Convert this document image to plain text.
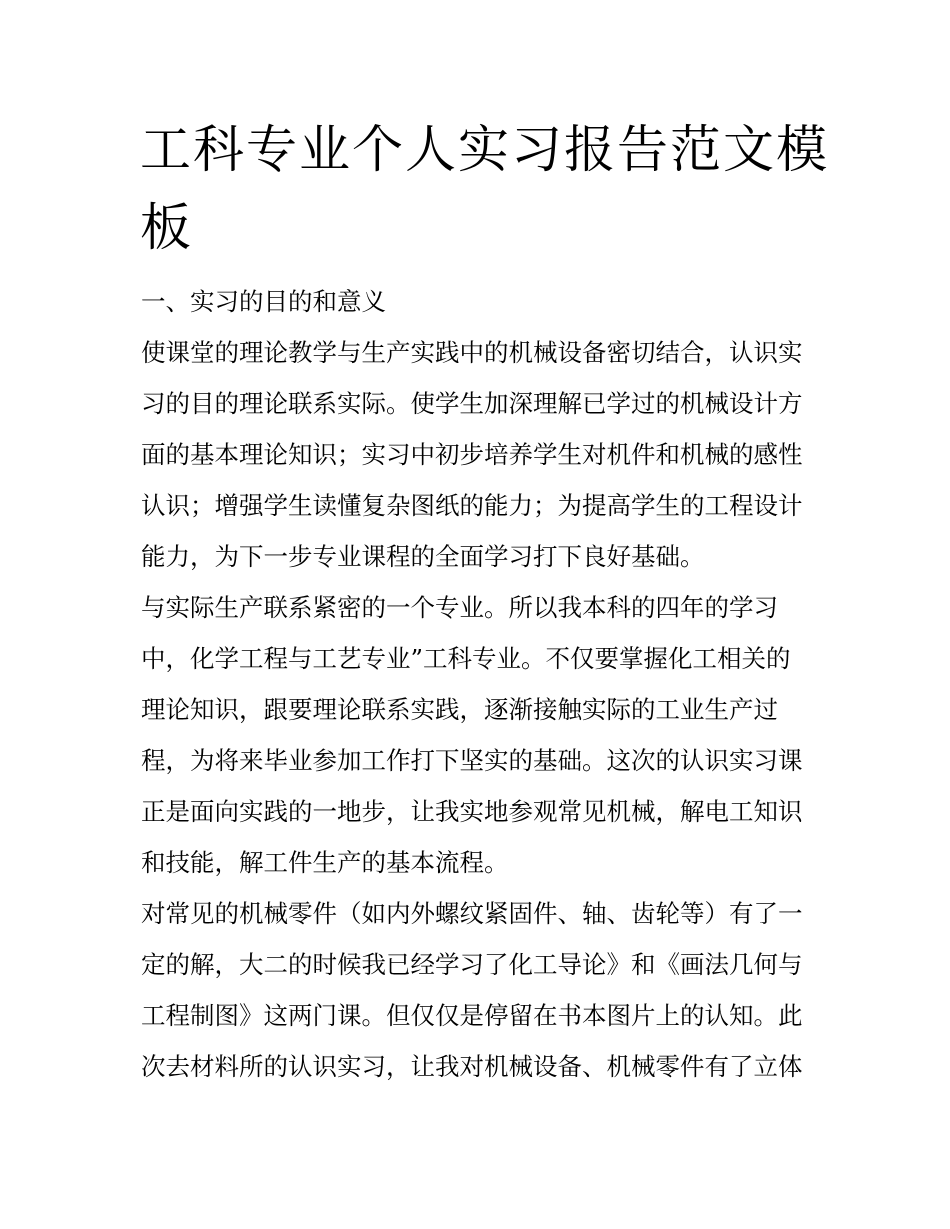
工科专业个人实习报告范文模板

一、实习的目的和意义

使课堂的理论教学与生产实践中的机械设备密切结合，认识实

习的目的理论联系实际。使学生加深理解已学过的机械设计方

面的基本理论知识；实习中初步培养学生对机件和机械的感性

认识；增强学生读懂复杂图纸的能力；为提高学生的工程设计

能力，为下一步专业课程的全面学习打下良好基础。

与实际生产联系紧密的一个专业。所以我本科的四年的学习

中，化学工程与工艺专业”工科专业。不仅要掌握化工相关的

理论知识，跟要理论联系实践，逐渐接触实际的工业生产过

程，为将来毕业参加工作打下坚实的基础。这次的认识实习课

正是面向实践的一地步，让我实地参观常见机械，解电工知识

和技能，解工件生产的基本流程。

对常见的机械零件（如内外螺纹紧固件、轴、齿轮等）有了一

定的解，大二的时候我已经学习了化工导论》和《画法几何与

工程制图》这两门课。但仅仅是停留在书本图片上的认知。此

次去材料所的认识实习，让我对机械设备、机械零件有了立体
